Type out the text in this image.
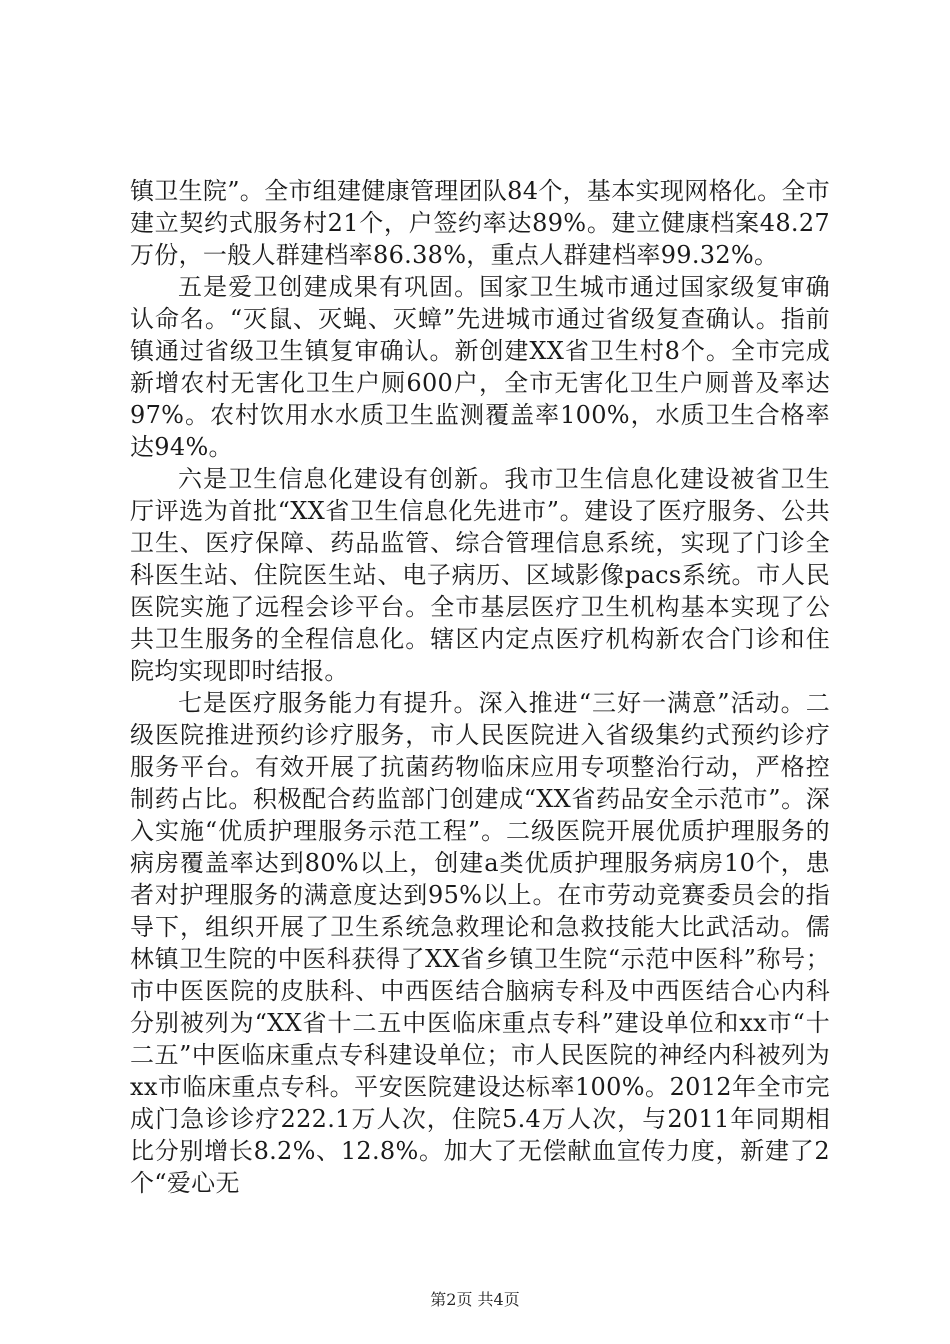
镇卫生院”。全市组建健康管理团队84个，基本实现网格化。全市建立契约式服务村21个，户签约率达89%。建立健康档案48.27万份，一般人群建档率86.38%，重点人群建档率99.32%。

五是爱卫创建成果有巩固。国家卫生城市通过国家级复审确认命名。“灭鼠、灭蝇、灭蟑”先进城市通过省级复查确认。指前镇通过省级卫生镇复审确认。新创建XX省卫生村8个。全市完成新增农村无害化卫生户厕600户，全市无害化卫生户厕普及率达97%。农村饮用水水质卫生监测覆盖率100%，水质卫生合格率达94%。

六是卫生信息化建设有创新。我市卫生信息化建设被省卫生厅评选为首批“XX省卫生信息化先进市”。建设了医疗服务、公共卫生、医疗保障、药品监管、综合管理信息系统，实现了门诊全科医生站、住院医生站、电子病历、区域影像pacs系统。市人民医院实施了远程会诊平台。全市基层医疗卫生机构基本实现了公共卫生服务的全程信息化。辖区内定点医疗机构新农合门诊和住院均实现即时结报。

七是医疗服务能力有提升。深入推进“三好一满意”活动。二级医院推进预约诊疗服务，市人民医院进入省级集约式预约诊疗服务平台。有效开展了抗菌药物临床应用专项整治行动，严格控制药占比。积极配合药监部门创建成“XX省药品安全示范市”。深入实施“优质护理服务示范工程”。二级医院开展优质护理服务的病房覆盖率达到80%以上，创建a类优质护理服务病房10个，患者对护理服务的满意度达到95%以上。在市劳动竞赛委员会的指导下，组织开展了卫生系统急救理论和急救技能大比武活动。儒林镇卫生院的中医科获得了XX省乡镇卫生院“示范中医科”称号；市中医医院的皮肤科、中西医结合脑病专科及中西医结合心内科分别被列为“XX省十二五中医临床重点专科”建设单位和xx市“十二五”中医临床重点专科建设单位；市人民医院的神经内科被列为xx市临床重点专科。平安医院建设达标率100%。2012年全市完成门急诊诊疗222.1万人次，住院5.4万人次，与2011年同期相比分别增长8.2%、12.8%。加大了无偿献血宣传力度，新建了2个“爱心无

第2页 共4页
